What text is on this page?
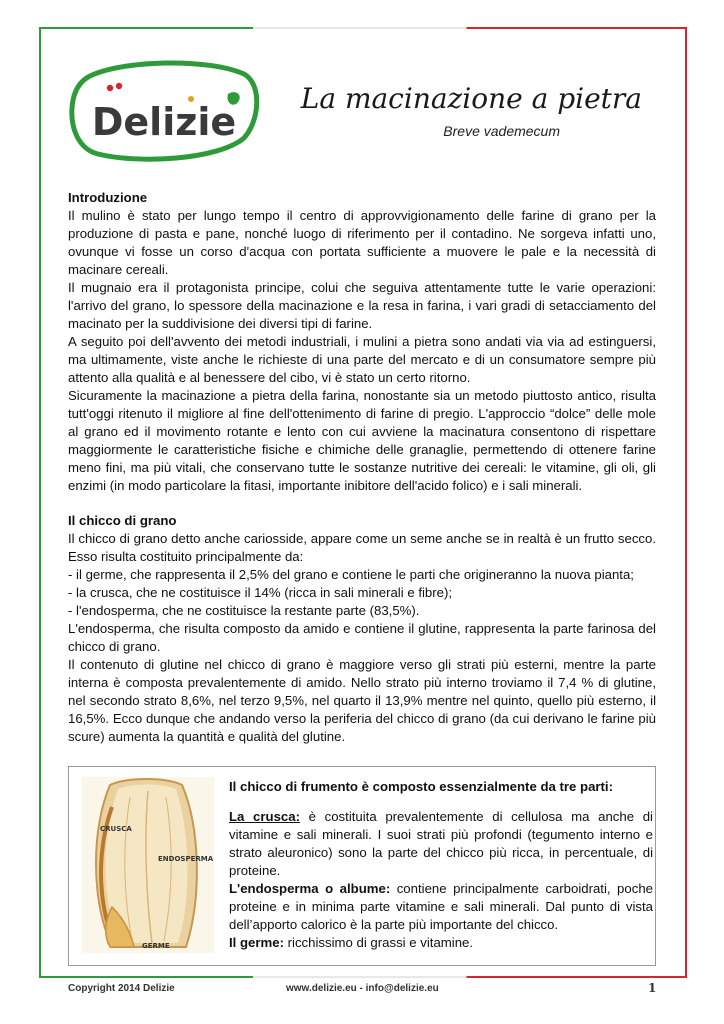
Delizie
La macinazione a pietra
Breve vademecum
Introduzione

Il mulino è stato per lungo tempo il centro di approvvigionamento delle farine di grano per la produzione di pasta e pane, nonché luogo di riferimento per il contadino. Ne sorgeva infatti uno, ovunque vi fosse un corso d'acqua con portata sufficiente a muovere le pale e la necessità di macinare cereali.

Il mugnaio era il protagonista principe, colui che seguiva attentamente tutte le varie operazioni: l'arrivo del grano, lo spessore della macinazione e la resa in farina, i vari gradi di setacciamento del macinato per la suddivisione dei diversi tipi di farine.

A seguito poi dell'avvento dei metodi industriali, i mulini a pietra sono andati via via ad estinguersi, ma ultimamente, viste anche le richieste di una parte del mercato e di un consumatore sempre più attento alla qualità e al benessere del cibo, vi è stato un certo ritorno.

Sicuramente la macinazione a pietra della farina, nonostante sia un metodo piuttosto antico, risulta tutt'oggi ritenuto il migliore al fine dell'ottenimento di farine di pregio. L'approccio “dolce” delle mole al grano ed il movimento rotante e lento con cui avviene la macinatura consentono di rispettare maggiormente le caratteristiche fisiche e chimiche delle granaglie, permettendo di ottenere farine meno fini, ma più vitali, che conservano tutte le sostanze nutritive dei cereali: le vitamine, gli oli, gli enzimi (in modo particolare la fitasi, importante inibitore dell'acido folico) e i sali minerali.

Il chicco di grano

Il chicco di grano detto anche cariosside, appare come un seme anche se in realtà è un frutto secco. Esso risulta costituito principalmente da:

- il germe, che rappresenta il 2,5% del grano e contiene le parti che origineranno la nuova pianta;

- la crusca, che ne costituisce il 14% (ricca in sali minerali e fibre);

- l'endosperma, che ne costituisce la restante parte (83,5%).

L'endosperma, che risulta composto da amido e contiene il glutine, rappresenta la parte farinosa del chicco di grano.

Il contenuto di glutine nel chicco di grano è maggiore verso gli strati più esterni, mentre la parte interna è composta prevalentemente di amido. Nello strato più interno troviamo il 7,4 % di glutine, nel secondo strato 8,6%, nel terzo 9,5%, nel quarto il 13,9% mentre nel quinto, quello più esterno, il 16,5%. Ecco dunque che andando verso la periferia del chicco di grano (da cui derivano le farine più scure) aumenta la quantità e qualità del glutine.

CRUSCA
ENDOSPERMA
GERME
Il chicco di frumento è composto essenzialmente da tre parti:

La crusca: è costituita prevalentemente di cellulosa ma anche di vitamine e sali minerali. I suoi strati più profondi (tegumento interno e strato aleuronico) sono la parte del chicco più ricca, in percentuale, di proteine.

L'endosperma o albume: contiene principalmente carboidrati, poche proteine e in minima parte vitamine e sali minerali. Dal punto di vista dell’apporto calorico è la parte più importante del chicco.

Il germe: ricchissimo di grassi e vitamine.

Copyright 2014 Delizie	www.delizie.eu - info@delizie.eu	1
